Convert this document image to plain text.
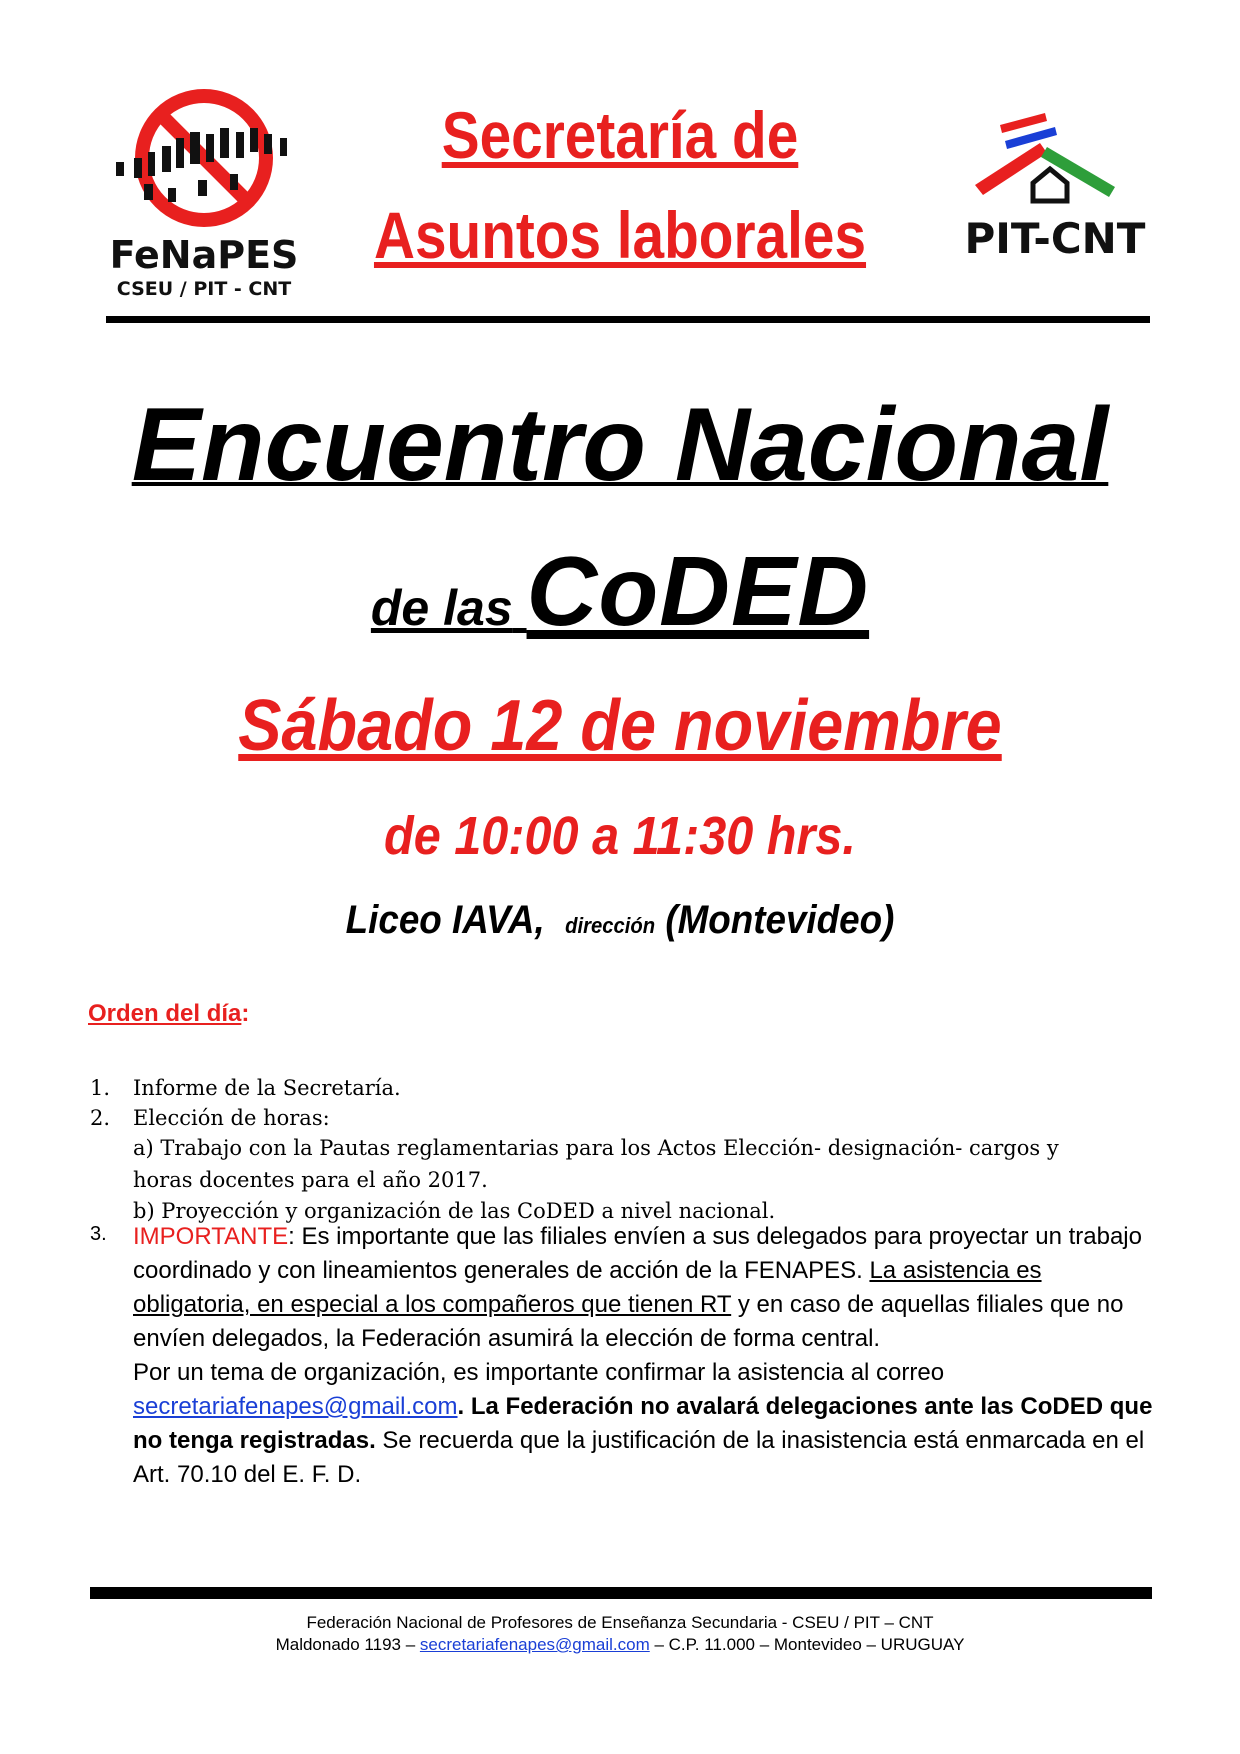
FeNaPES
CSEU / PIT - CNT
Secretaría de
Asuntos laborales PIT-CNT
Encuentro Nacional
de las CoDED
Sábado 12 de noviembre
de 10:00 a 11:30 hrs.
Liceo IAVA, dirección (Montevideo)
Orden del día:
1. Informe de la Secretaría.
2. Elección de horas:
a) Trabajo con la Pautas reglamentarias para los Actos Elección- designación- cargos y
horas docentes para el año 2017.
b) Proyección y organización de las CoDED a nivel nacional.
3. IMPORTANTE: Es importante que las filiales envíen a sus delegados para proyectar un trabajo coordinado y con lineamientos generales de acción de la FENAPES. La asistencia es obligatoria, en especial a los compañeros que tienen RT y en caso de aquellas filiales que no envíen delegados, la Federación asumirá la elección de forma central.
Por un tema de organización, es importante confirmar la asistencia al correo secretariafenapes@gmail.com. La Federación no avalará delegaciones ante las CoDED que no tenga registradas. Se recuerda que la justificación de la inasistencia está enmarcada en el Art. 70.10 del E. F. D.
Federación Nacional de Profesores de Enseñanza Secundaria - CSEU / PIT – CNT
Maldonado 1193 – secretariafenapes@gmail.com – C.P. 11.000 – Montevideo – URUGUAY
